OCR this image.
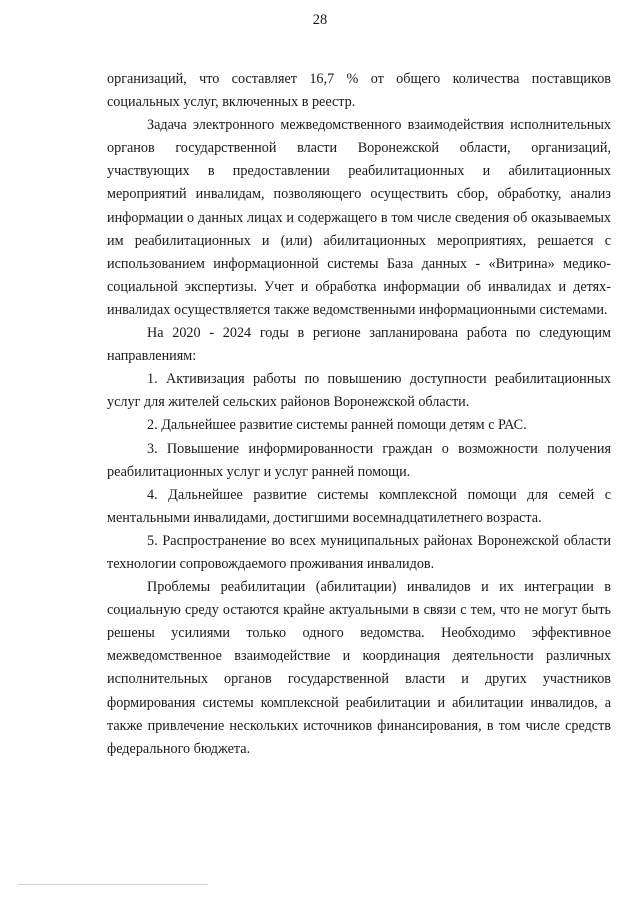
28

организаций, что составляет 16,7 % от общего количества поставщиков социальных услуг, включенных в реестр.

Задача электронного межведомственного взаимодействия исполнительных органов государственной власти Воронежской области, организаций, участвующих в предоставлении реабилитационных и абилитационных мероприятий инвалидам, позволяющего осуществить сбор, обработку, анализ информации о данных лицах и содержащего в том числе сведения об оказываемых им реабилитационных и (или) абилитационных мероприятиях, решается с использованием информационной системы База данных - «Витрина» медико-социальной экспертизы. Учет и обработка информации об инвалидах и детях-инвалидах осуществляется также ведомственными информационными системами.

На 2020 - 2024 годы в регионе запланирована работа по следующим направлениям:

1. Активизация работы по повышению доступности реабилитационных услуг для жителей сельских районов Воронежской области.

2. Дальнейшее развитие системы ранней помощи детям с РАС.

3. Повышение информированности граждан о возможности получения реабилитационных услуг и услуг ранней помощи.

4. Дальнейшее развитие системы комплексной помощи для семей с ментальными инвалидами, достигшими восемнадцатилетнего возраста.

5. Распространение во всех муниципальных районах Воронежской области технологии сопровождаемого проживания инвалидов.

Проблемы реабилитации (абилитации) инвалидов и их интеграции в социальную среду остаются крайне актуальными в связи с тем, что не могут быть решены усилиями только одного ведомства. Необходимо эффективное межведомственное взаимодействие и координация деятельности различных исполнительных органов государственной власти и других участников формирования системы комплексной реабилитации и абилитации инвалидов, а также привлечение нескольких источников финансирования, в том числе средств федерального бюджета.
